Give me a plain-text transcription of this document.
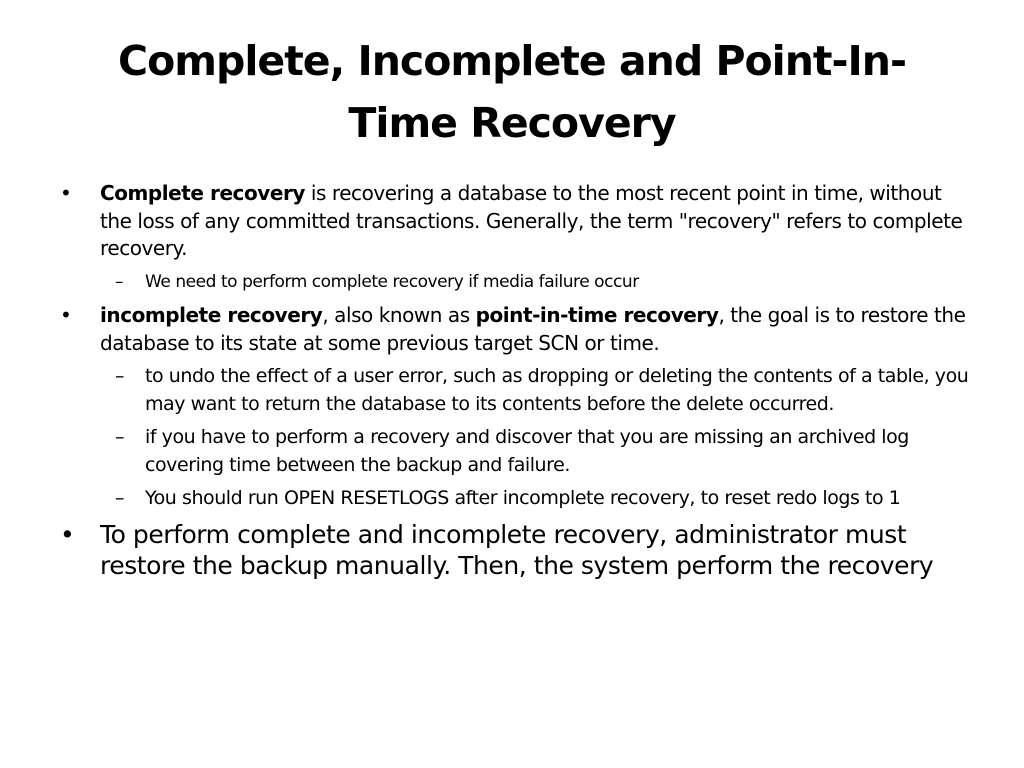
Complete, Incomplete and Point-In-
Time Recovery
• Complete recovery is recovering a database to the most recent point in time, without the loss of any committed transactions. Generally, the term "recovery" refers to complete recovery.
– We need to perform complete recovery if media failure occur
• incomplete recovery, also known as point-in-time recovery, the goal is to restore the database to its state at some previous target SCN or time.
– to undo the effect of a user error, such as dropping or deleting the contents of a table, you may want to return the database to its contents before the delete occurred.
– if you have to perform a recovery and discover that you are missing an archived log covering time between the backup and failure.
– You should run OPEN RESETLOGS after incomplete recovery, to reset redo logs to 1
• To perform complete and incomplete recovery, administrator must restore the backup manually. Then, the system perform the recovery
